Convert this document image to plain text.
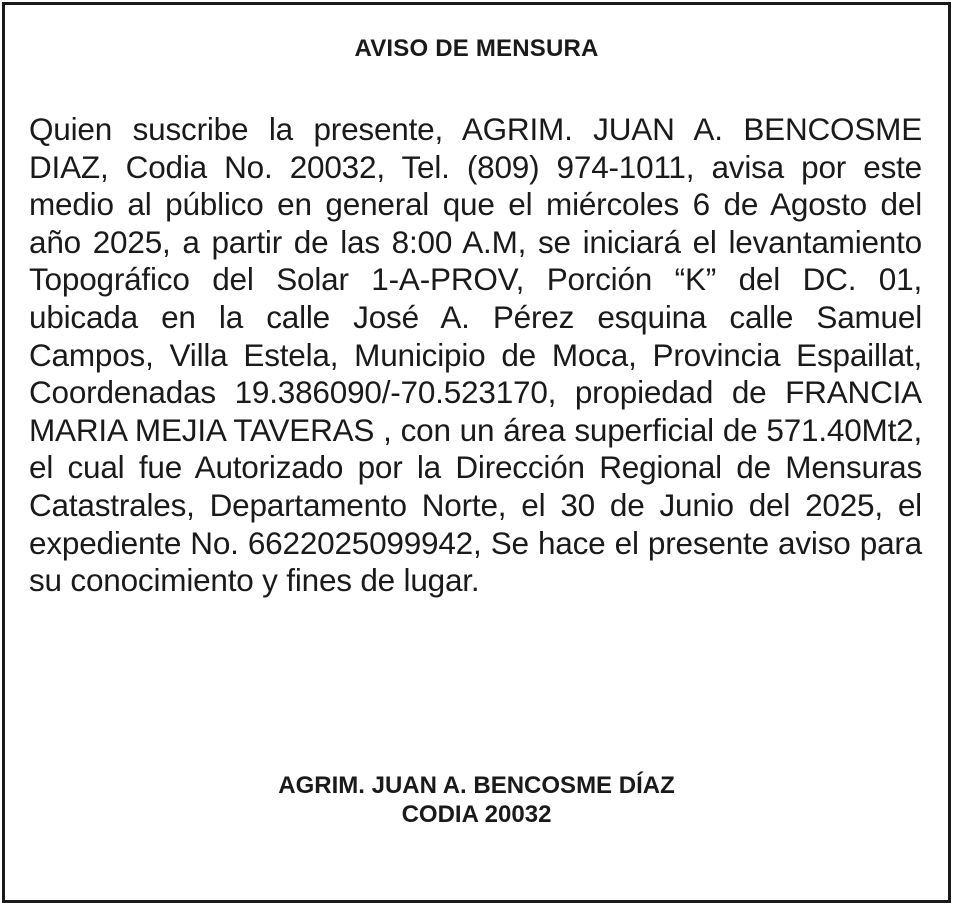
AVISO DE MENSURA

Quien suscribe la presente, AGRIM. JUAN A. BENCOSME DIAZ, Codia No. 20032, Tel. (809) 974-1011, avisa por este medio al público en general que el miércoles 6 de Agosto del año 2025, a partir de las 8:00 A.M, se iniciará el levantamiento Topográfico del Solar 1-A-PROV, Porción “K” del DC. 01, ubicada en la calle José A. Pérez esquina calle Samuel Campos, Villa Estela, Municipio de Moca, Provincia Espaillat, Coordenadas 19.386090/-70.523170, propiedad de FRANCIA MARIA MEJIA TAVERAS , con un área superficial de 571.40Mt2, el cual fue Autorizado por la Dirección Regional de Mensuras Catastrales, Departamento Norte, el 30 de Junio del 2025, el expediente No. 6622025099942, Se hace el presente aviso para su conocimiento y fines de lugar.

AGRIM. JUAN A. BENCOSME DÍAZ
CODIA 20032
